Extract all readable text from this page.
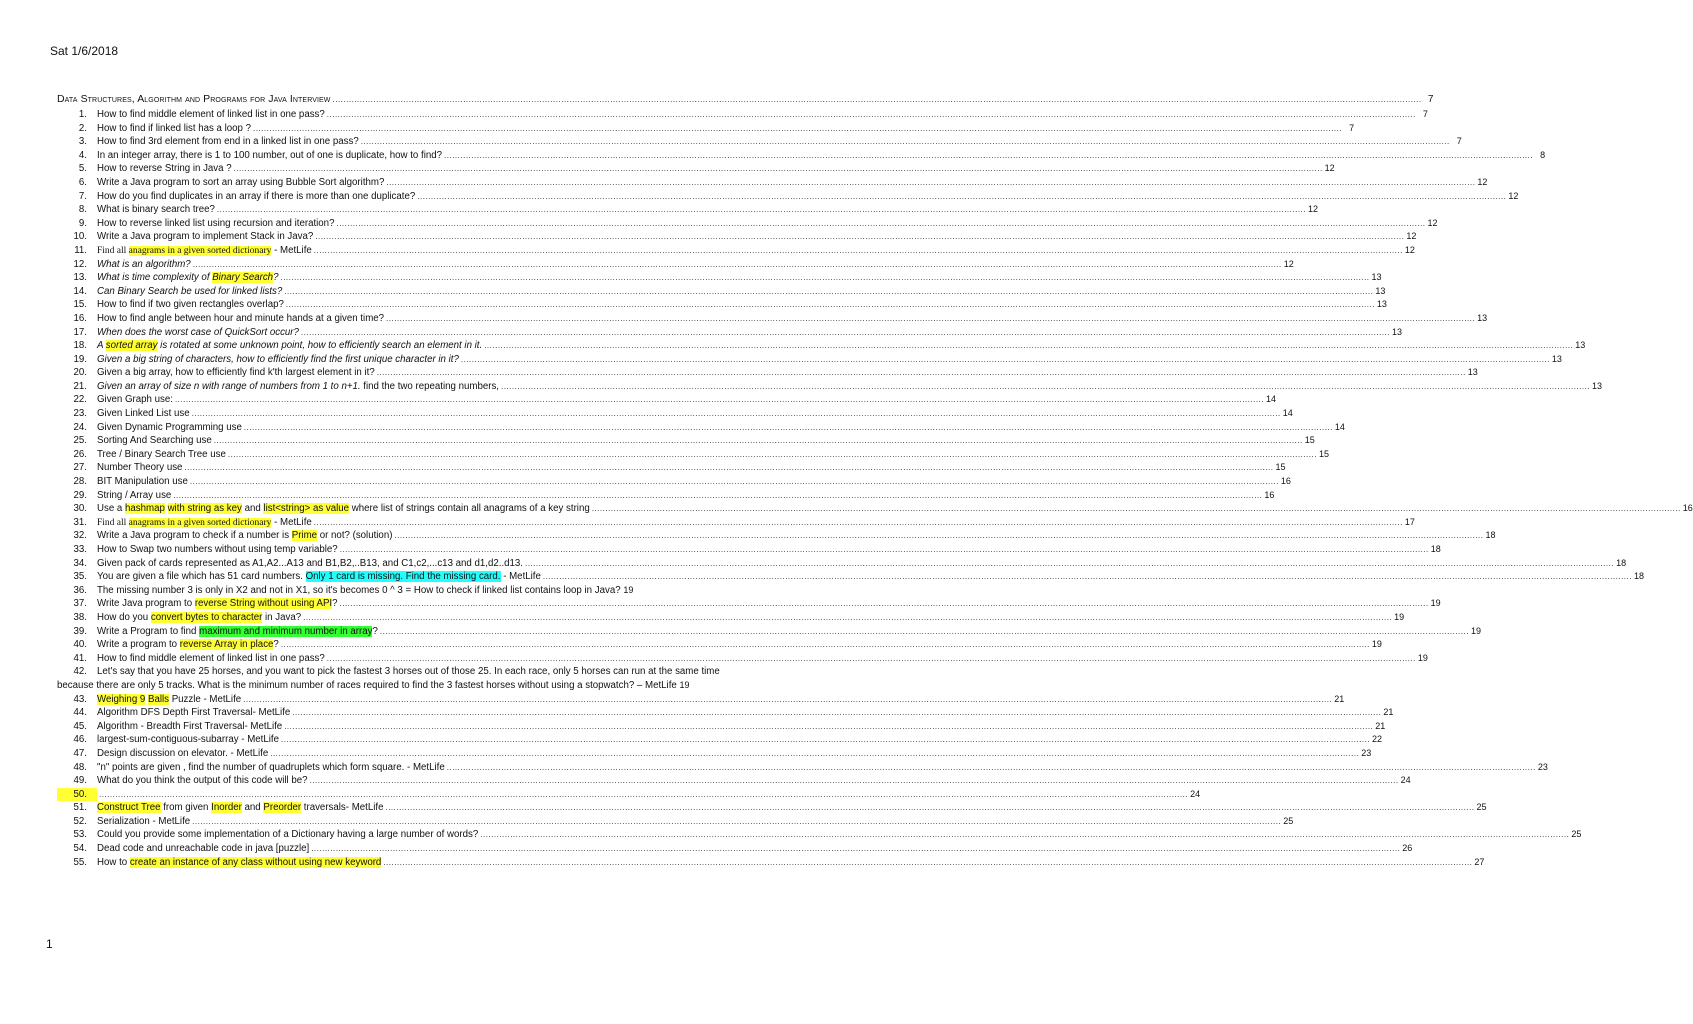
Sat 1/6/2018
Data Structures, Algorithm and Programs for Java Interview ................................................................................................................................................................................................................................................................................................................................................................................................................ 7
1.	How to find middle element of linked list in one pass? ................................................................................................................................................................................................................................................................................................................................................................................................................ 7
2.	How to find if linked list has a loop ? ................................................................................................................................................................................................................................................................................................................................................................................................................ 7
3.	How to find 3rd element from end in a linked list in one pass? ................................................................................................................................................................................................................................................................................................................................................................................................................ 7
4.	In an integer array, there is 1 to 100 number, out of one is duplicate, how to find? ................................................................................................................................................................................................................................................................................................................................................................................................................ 8
5.	How to reverse String in Java ? ................................................................................................................................................................................................................................................................................................................................................................................................................ 12
6.	Write a Java program to sort an array using Bubble Sort algorithm? ................................................................................................................................................................................................................................................................................................................................................................................................................ 12
7.	How do you find duplicates in an array if there is more than one duplicate? ................................................................................................................................................................................................................................................................................................................................................................................................................ 12
8.	What is binary search tree? ................................................................................................................................................................................................................................................................................................................................................................................................................ 12
9.	How to reverse linked list using recursion and iteration? ................................................................................................................................................................................................................................................................................................................................................................................................................ 12
10.	Write a Java program to implement Stack in Java? ................................................................................................................................................................................................................................................................................................................................................................................................................ 12
11.	Find all anagrams in a given sorted dictionary - MetLife ................................................................................................................................................................................................................................................................................................................................................................................................................ 12
12.	What is an algorithm? ................................................................................................................................................................................................................................................................................................................................................................................................................ 12
13.	What is time complexity of Binary Search? ................................................................................................................................................................................................................................................................................................................................................................................................................ 13
14.	Can Binary Search be used for linked lists? ................................................................................................................................................................................................................................................................................................................................................................................................................ 13
15.	How to find if two given rectangles overlap? ................................................................................................................................................................................................................................................................................................................................................................................................................ 13
16.	How to find angle between hour and minute hands at a given time? ................................................................................................................................................................................................................................................................................................................................................................................................................ 13
17.	When does the worst case of QuickSort occur? ................................................................................................................................................................................................................................................................................................................................................................................................................ 13
18.	A sorted array is rotated at some unknown point, how to efficiently search an element in it. ................................................................................................................................................................................................................................................................................................................................................................................................................ 13
19.	Given a big string of characters, how to efficiently find the first unique character in it? ................................................................................................................................................................................................................................................................................................................................................................................................................ 13
20.	Given a big array, how to efficiently find k'th largest element in it? ................................................................................................................................................................................................................................................................................................................................................................................................................ 13
21.	Given an array of size n with range of numbers from 1 to n+1. find the two repeating numbers, ................................................................................................................................................................................................................................................................................................................................................................................................................ 13
22.	Given Graph use: ................................................................................................................................................................................................................................................................................................................................................................................................................ 14
23.	Given Linked List use ................................................................................................................................................................................................................................................................................................................................................................................................................ 14
24.	Given Dynamic Programming use ................................................................................................................................................................................................................................................................................................................................................................................................................ 14
25.	Sorting And Searching use ................................................................................................................................................................................................................................................................................................................................................................................................................ 15
26.	Tree / Binary Search Tree use ................................................................................................................................................................................................................................................................................................................................................................................................................ 15
27.	Number Theory use ................................................................................................................................................................................................................................................................................................................................................................................................................ 15
28.	BIT Manipulation use ................................................................................................................................................................................................................................................................................................................................................................................................................ 16
29.	String / Array use ................................................................................................................................................................................................................................................................................................................................................................................................................ 16
30.	Use a hashmap with string as key and list<string> as value where list of strings contain all anagrams of a key string ................................................................................................................................................................................................................................................................................................................................................................................................................ 16
31.	Find all anagrams in a given sorted dictionary - MetLife ................................................................................................................................................................................................................................................................................................................................................................................................................ 17
32.	Write a Java program to check if a number is Prime or not? (solution) ................................................................................................................................................................................................................................................................................................................................................................................................................ 18
33.	How to Swap two numbers without using temp variable? ................................................................................................................................................................................................................................................................................................................................................................................................................ 18
34.	Given pack of cards represented as A1,A2...A13 and B1,B2,..B13, and C1,c2,...c13 and d1,d2..d13. ................................................................................................................................................................................................................................................................................................................................................................................................................ 18
35.	You are given a file which has 51 card numbers. Only 1 card is missing. Find the missing card. - MetLife ................................................................................................................................................................................................................................................................................................................................................................................................................ 18
36. The missing number 3 is only in X2 and not in X1, so it's becomes 0 ^ 3 = How to check if linked list contains loop in Java? 19
37.	Write Java program to reverse String without using API? ................................................................................................................................................................................................................................................................................................................................................................................................................ 19
38.	How do you convert bytes to character in Java? ................................................................................................................................................................................................................................................................................................................................................................................................................ 19
39.	Write a Program to find maximum and minimum number in array? ................................................................................................................................................................................................................................................................................................................................................................................................................ 19
40.	Write a program to reverse Array in place? ................................................................................................................................................................................................................................................................................................................................................................................................................ 19
41.	How to find middle element of linked list in one pass? ................................................................................................................................................................................................................................................................................................................................................................................................................ 19
42. Let's say that you have 25 horses, and you want to pick the fastest 3 horses out of those 25. In each race, only 5 horses can run at the same time because there are only 5 tracks. What is the minimum number of races required to find the 3 fastest horses without using a stopwatch? – MetLife 19
43.	Weighing 9 Balls Puzzle - MetLife ................................................................................................................................................................................................................................................................................................................................................................................................................ 21
44.	Algorithm DFS Depth First Traversal- MetLife ................................................................................................................................................................................................................................................................................................................................................................................................................ 21
45.	Algorithm - Breadth First Traversal- MetLife ................................................................................................................................................................................................................................................................................................................................................................................................................ 21
46.	largest-sum-contiguous-subarray - MetLife ................................................................................................................................................................................................................................................................................................................................................................................................................ 22
47.	Design discussion on elevator. - MetLife ................................................................................................................................................................................................................................................................................................................................................................................................................ 23
48.	"n" points are given , find the number of quadruplets which form square. - MetLife ................................................................................................................................................................................................................................................................................................................................................................................................................ 23
49.	What do you think the output of this code will be? ................................................................................................................................................................................................................................................................................................................................................................................................................ 24
50.	................................................................................................................................................................................................................................................................................................................................................................................................................ 24
51.	Construct Tree from given Inorder and Preorder traversals- MetLife ................................................................................................................................................................................................................................................................................................................................................................................................................ 25
52.	Serialization - MetLife ................................................................................................................................................................................................................................................................................................................................................................................................................ 25
53.	Could you provide some implementation of a Dictionary having a large number of words? ................................................................................................................................................................................................................................................................................................................................................................................................................ 25
54.	Dead code and unreachable code in java [puzzle] ................................................................................................................................................................................................................................................................................................................................................................................................................ 26
55.	How to create an instance of any class without using new keyword ................................................................................................................................................................................................................................................................................................................................................................................................................ 27
1
